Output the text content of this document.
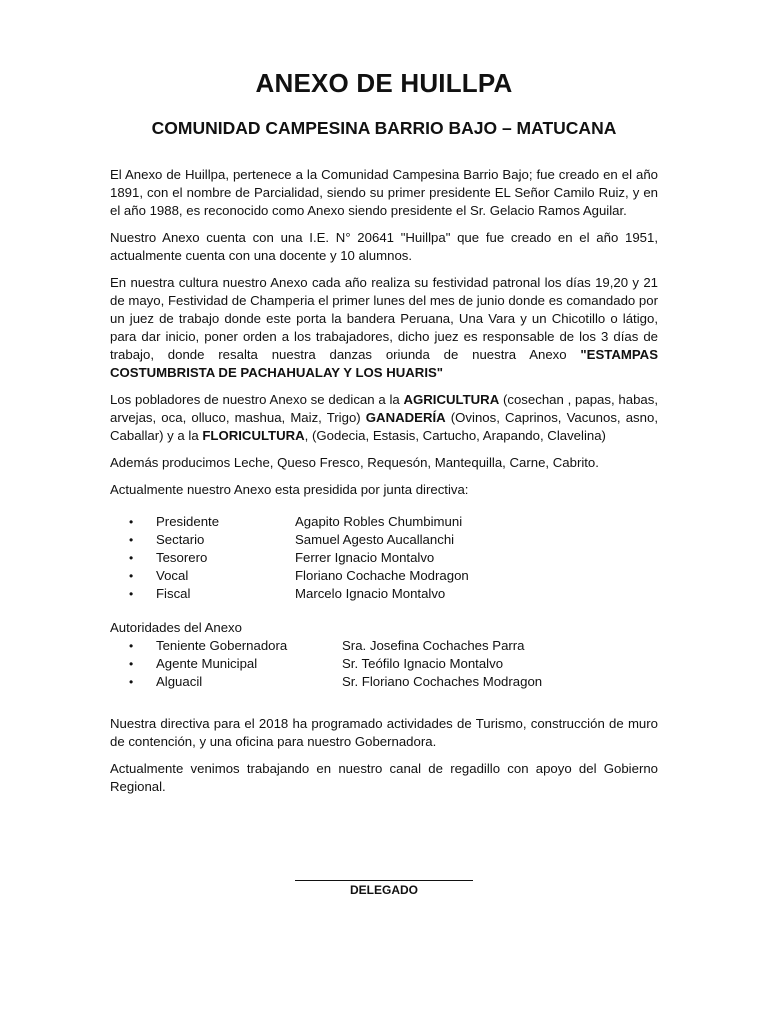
ANEXO DE HUILLPA
COMUNIDAD CAMPESINA BARRIO BAJO – MATUCANA

El Anexo de Huillpa, pertenece a la Comunidad Campesina Barrio Bajo; fue creado en el año 1891, con el nombre de Parcialidad, siendo su primer presidente EL Señor Camilo Ruiz, y en el año 1988, es reconocido como Anexo siendo presidente el Sr. Gelacio Ramos Aguilar.

Nuestro Anexo cuenta con una I.E. N° 20641 "Huillpa" que fue creado en el año 1951, actualmente cuenta con una docente y 10 alumnos.

En nuestra cultura nuestro Anexo cada año realiza su festividad patronal los días 19,20 y 21 de mayo, Festividad de Champeria el primer lunes del mes de junio donde es comandado por un juez de trabajo donde este porta la bandera Peruana, Una Vara y un Chicotillo o látigo, para dar inicio, poner orden a los trabajadores, dicho juez es responsable de los 3 días de trabajo, donde resalta nuestra danzas oriunda de nuestra Anexo "ESTAMPAS COSTUMBRISTA DE PACHAHUALAY Y LOS HUARIS"

Los pobladores de nuestro Anexo se dedican a la AGRICULTURA (cosechan , papas, habas, arvejas, oca, olluco, mashua, Maiz, Trigo) GANADERÍA (Ovinos, Caprinos, Vacunos, asno, Caballar) y a la FLORICULTURA, (Godecia, Estasis, Cartucho, Arapando, Clavelina)

Además producimos Leche, Queso Fresco, Requesón, Mantequilla, Carne, Cabrito.

Actualmente nuestro Anexo esta presidida por junta directiva:

• Presidente	Agapito Robles Chumbimuni
• Sectario	Samuel Agesto Aucallanchi
• Tesorero	Ferrer Ignacio Montalvo
• Vocal	Floriano Cochache Modragon
• Fiscal	Marcelo Ignacio Montalvo
Autoridades del Anexo
• Teniente Gobernadora	Sra. Josefina Cochaches Parra
• Agente Municipal	Sr. Teófilo Ignacio Montalvo
• Alguacil	Sr. Floriano Cochaches Modragon

Nuestra directiva para el 2018 ha programado actividades de Turismo, construcción de muro de contención, y una oficina para nuestro Gobernadora.

Actualmente venimos trabajando en nuestro canal de regadillo con apoyo del Gobierno Regional.

DELEGADO
